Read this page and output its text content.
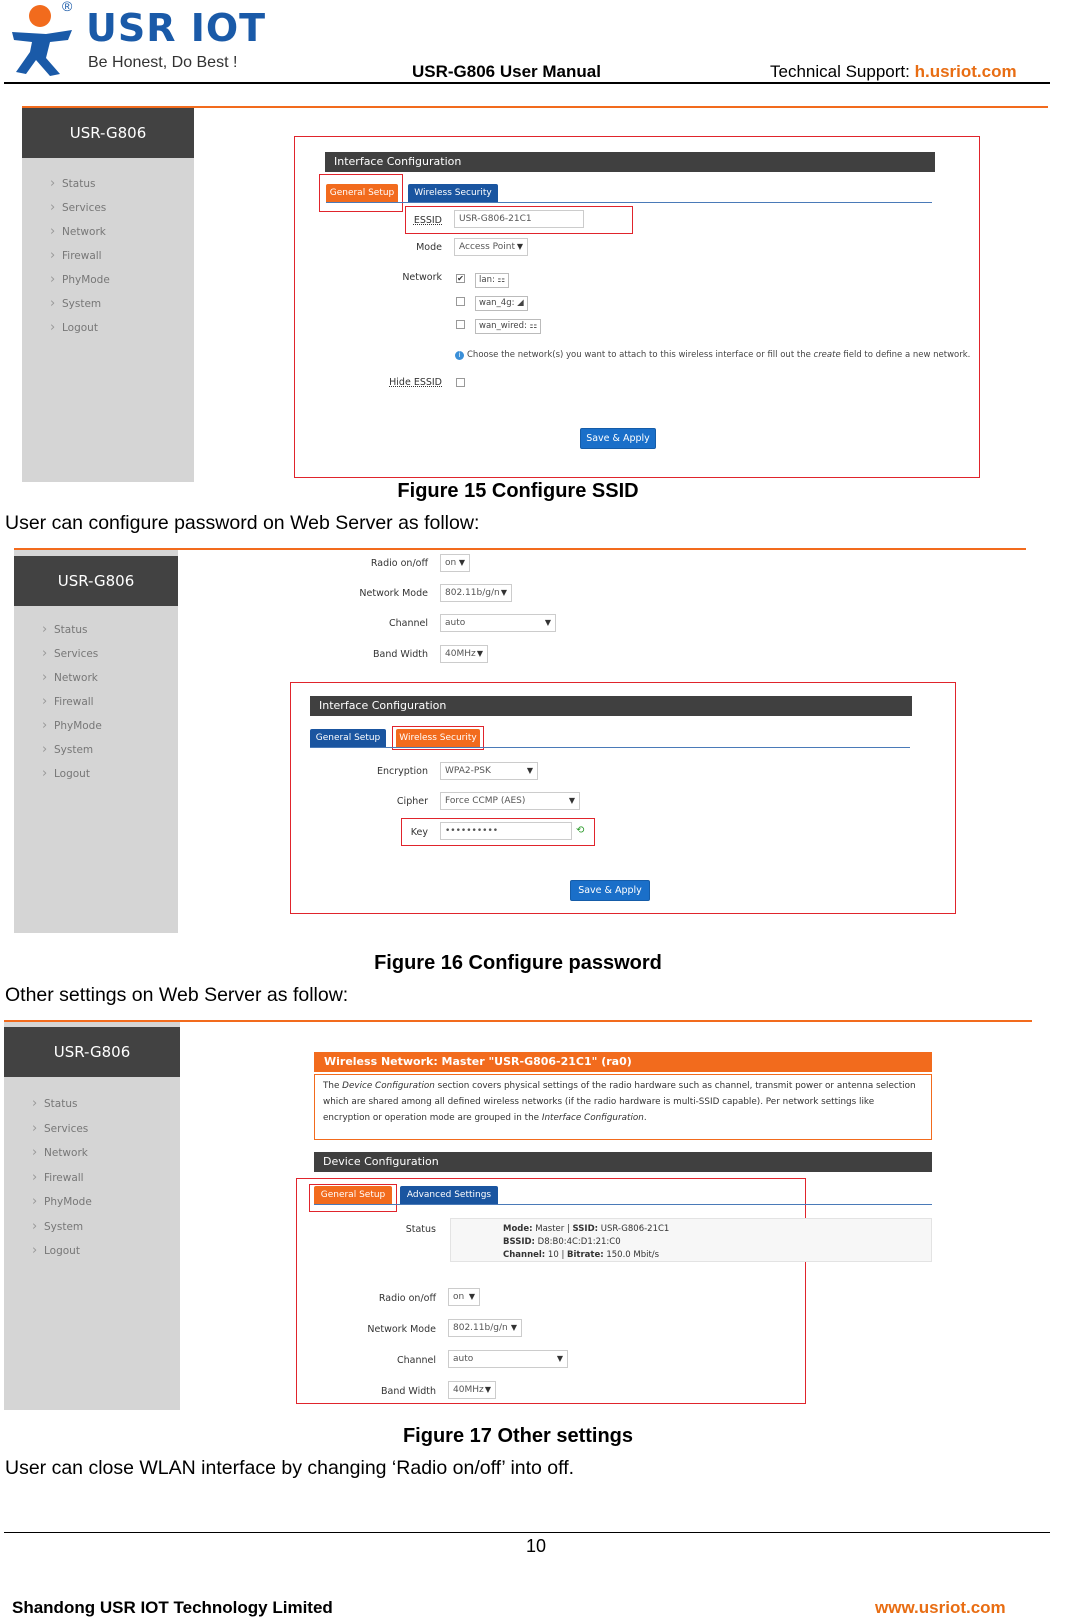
® USR IOT
Be Honest, Do Best !	USR-G806 User Manual	Technical Support: h.usriot.com
USR-G806
› Status
› Services
› Network
› Firewall
› PhyMode
› System
› Logout
Interface Configuration
General Setup	Wireless Security
ESSID	USR-G806-21C1
Mode	Access Point ▼
Network ✔	lan: ⚏
wan_4g: ◢
wan_wired: ⚏
i Choose the network(s) you want to attach to this wireless interface or fill out the create field to define a new network.
Hide ESSID
Save & Apply
Figure 15 Configure SSID
User can configure password on Web Server as follow:
USR-G806
› Status
› Services
› Network
› Firewall
› PhyMode
› System
› Logout
Radio on/off	on ▼
Network Mode	802.11b/g/n ▼
Channel	auto	▼
Band Width	40MHz ▼
Interface Configuration
General Setup	Wireless Security
Encryption	WPA2-PSK	▼
Cipher	Force CCMP (AES)	▼
Key	••••••••••	⟲
Save & Apply
Figure 16 Configure password
Other settings on Web Server as follow:
USR-G806
› Status
› Services
› Network
› Firewall
› PhyMode
› System
› Logout
Wireless Network: Master "USR-G806-21C1" (ra0)
The Device Configuration section covers physical settings of the radio hardware such as channel, transmit power or antenna selection which are shared among all defined wireless networks (if the radio hardware is multi-SSID capable). Per network settings like encryption or operation mode are grouped in the Interface Configuration.
Device Configuration
General Setup	Advanced Settings
Status	Mode: Master | SSID: USR-G806-21C1
BSSID: D8:B0:4C:D1:21:C0
Channel: 10 | Bitrate: 150.0 Mbit/s
Radio on/off	on ▼
Network Mode	802.11b/g/n ▼
Channel	auto	▼
Band Width	40MHz ▼
Figure 17 Other settings
User can close WLAN interface by changing ‘Radio on/off’ into off.
10
Shandong USR IOT Technology Limited	www.usriot.com
